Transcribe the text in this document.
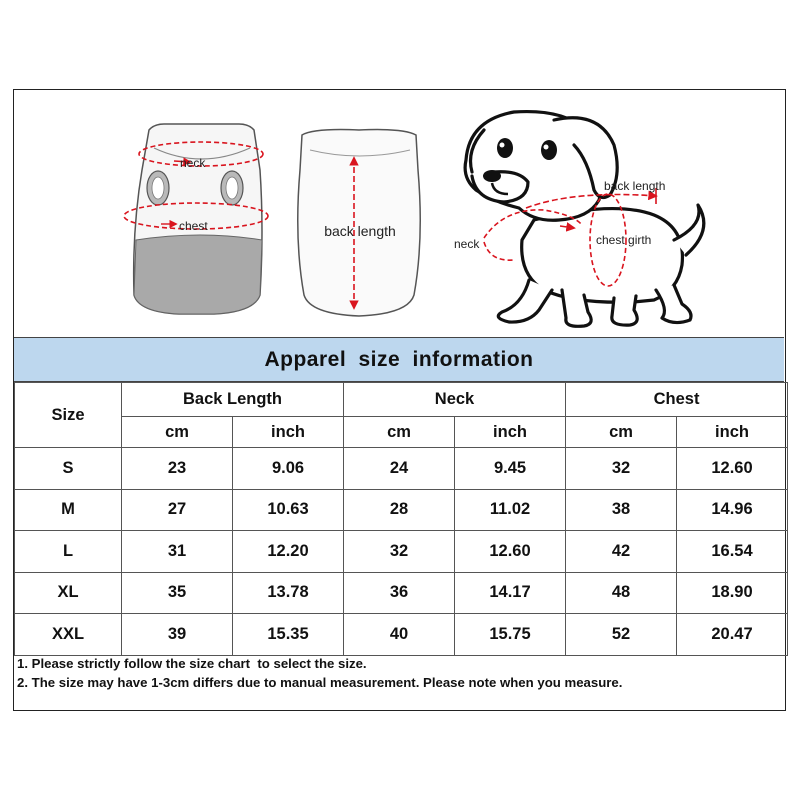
neck
chest	back length
back length
neck	chest girth
Apparel size information
Size	Back Length		Neck		Chest	
	cm	inch	cm	inch	cm	inch
S	23	9.06	24	9.45	32	12.60
M	27	10.63	28	11.02	38	14.96
L	31	12.20	32	12.60	42	16.54
XL	35	13.78	36	14.17	48	18.90
XXL	39	15.35	40	15.75	52	20.47
1. Please strictly follow the size chart  to select the size.
2. The size may have 1-3cm differs due to manual measurement. Please note when you measure.
